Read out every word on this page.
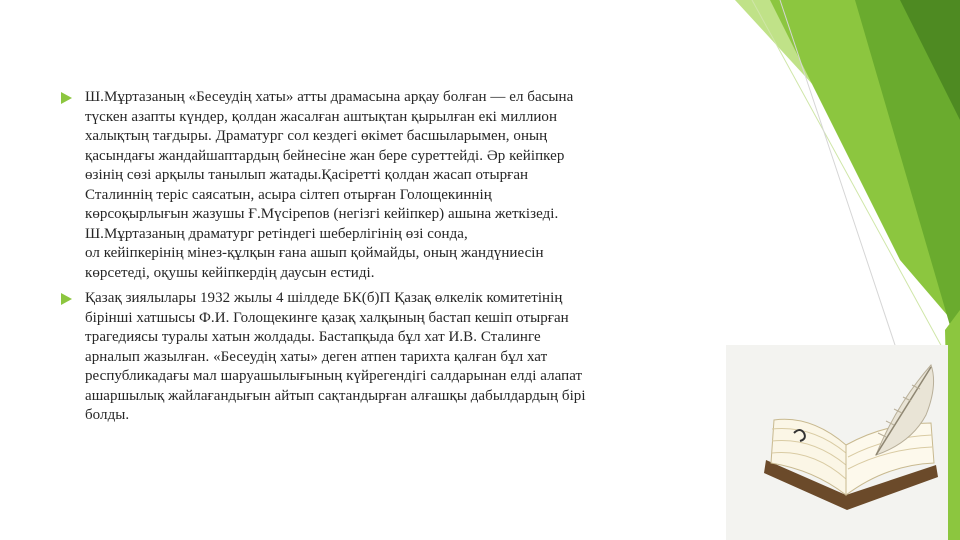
Ш.Мұртазаның «Бесеудің хаты» атты драмасына арқау болған — ел басына
түскен азапты күндер, қолдан жасалған аштықтан қырылған екі миллион
халықтың тағдыры. Драматург сол кездегі өкімет басшыларымен, оның
қасындағы жандайшаптардың бейнесіне жан бере суреттейді. Әр кейіпкер
өзінің сөзі арқылы танылып жатады.Қасіретті қолдан жасап отырған
Сталиннің теріс саясатын, асыра сілтеп отырған Голощекиннің
көрсоқырлығын жазушы Ғ.Мүсірепов (негізгі кейіпкер) ашына жеткізеді.
Ш.Мұртазаның драматург ретіндегі шеберлігінің өзі сонда,
ол кейіпкерінің мінез-құлқын ғана ашып қоймайды, оның жандүниесін
көрсетеді, оқушы кейіпкердің даусын естиді.
Қазақ зиялылары 1932 жылы 4 шілдеде БК(б)П Қазақ өлкелік комитетінің
бірінші хатшысы Ф.И. Голощекинге қазақ халқының бастап кешіп отырған
трагедиясы туралы хатын жолдады. Бастапқыда бұл хат И.В. Сталинге
арналып жазылған. «Бесеудің хаты» деген атпен тарихта қалған бұл хат
республикадағы мал шаруашылығының күйрегендігі салдарынан елді алапат
ашаршылық жайлағандығын айтып сақтандырған алғашқы дабылдардың бірі
болды.
